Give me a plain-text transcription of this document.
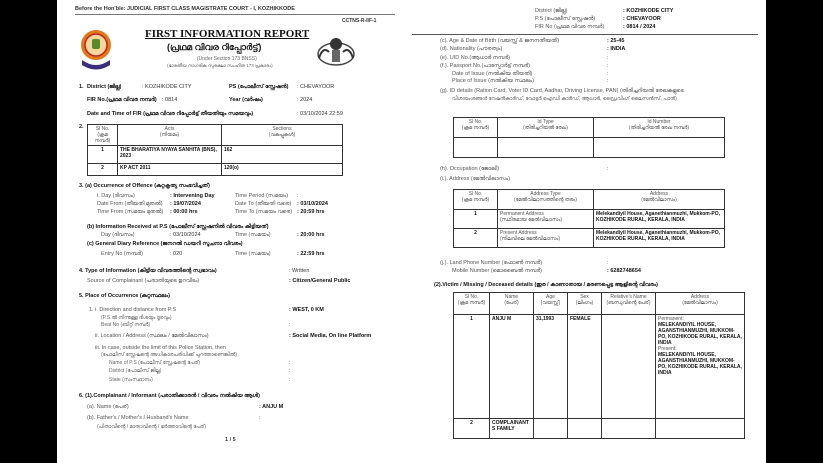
Before the Hon'ble: JUDICIAL FIRST CLASS MAGISTRATE COURT - I, KOZHIKKODE
CCTNS-R-IIF-1
FIRST INFORMATION REPORT
(പ്രഥമ വിവര റിപ്പോർട്ട്)
(Under Section 173 BNSS)
(ഭാരതീയ നാഗരിക സുരക്ഷാ സംഹിത 173 പ്രകാരം)
1. District (ജില്ല)	: KOZHIKODE CITY	PS (പോലീസ് സ്റ്റേഷൻ) : CHEVAYOOR
FIR No.(പ്രഥമ വിവര നമ്പർ) : 0814	Year (വർഷം)	: 2024
Date and Time of FIR (പ്രഥമ വിവര റിപ്പോർട്ട് തീയതിയും സമയവും)	: 03/10/2024 22:59
2. Sl No.
(ക്രമ നമ്പർ)	Acts
(നിയമം)	Sections
(വകുപ്പുകൾ)
1	THE BHARATIYA NYAYA SANHITA (BNS), 2023	162
2	KP ACT 2011	120(o)
3. (a) Occurrence of Offence (കുറ്റകൃത്യ സംഭവിച്ചത്)
i. Day (ദിവസം)	: Intervening Day	Time Period (സമയം) :
Date From (തീയതി മുതൽ) : 19/07/2024	Date To (തീയതി വരെ) : 03/10/2024
Time From (സമയം മുതൽ) : 00:00 hrs	Time To (സമയം വരെ) : 20:59 hrs
(b) Information Received at P.S (പോലീസ് സ്റ്റേഷനിൽ വിവരം കിട്ടിയത്)
Day (ദിവസം)	: 03/10/2024	Time (സമയം)	: 20:00 hrs
(c) General Diary Reference (ജനറൽ ഡയറി സൂചനാ വിവരം)
Entry No (നമ്പർ)	: 020	Time (സമയം)	: 22:59 hrs
4. Type of Information (കിട്ടിയ വിവരത്തിന്റെ സ്വഭാവം)	: Written
Source of Complainant (പരാതിയുടെ ഉറവിടം)	: Citizen/General Public
5. Place of Occurrence (കുറ്റസ്ഥലം)
1. i. Direction and distance from P.S
(P.S.ൽ നിന്നുള്ള ദിശയും ദൂരവും)
: WEST, 0 KM
Beat No (ബീറ്റ് നമ്പർ)	:
ii. Location / Address (സ്ഥലം / മേൽവിലാസം)	: Social Media, On line Platform
iii. In case, outside the limit of this Police Station, then
(പോലീസ് സ്റ്റേഷന്റെ അധികാരപരിധിക്ക് പുറത്താണെങ്കിൽ)
Name of P.S (പോലീസ് സ്റ്റേഷന്റെ പേര്)	:
District (പോലീസ് ജില്ല)	:
State (സംസ്ഥാനം)	:
6. (1).Complainant / Informant (പരാതിക്കാരൻ / വിവരം നൽകിയ ആൾ)
(a). Name (പേര്)	: ANJU M
(b). Father's / Mother's / Husband's Name	:
(പിതാവിന്റെ / മാതാവിന്റെ / ഭർത്താവിന്റെ പേര്)
1 / 5
District (ജില്ല)	: KOZHIKODE CITY
P.S (പോലീസ് സ്റ്റേഷൻ)	: CHEVAYOOR
FIR No (പ്രഥമ വിവര നമ്പർ)	: 0814 / 2024
(c). Age & Date of Birth (വയസ്സ് & ജനനതീയതി)	: 25-45
(d). Nationality (പൗരത്വം)	: INDIA
(e). UID No.(ആധാർ നമ്പർ)	:
(f.). Passport No.(പാസ്പോർട്ട് നമ്പർ)	:
Date of Issue (നൽകിയ തീയതി)	:
Place of Issue (നൽകിയ സ്ഥലം)	:
(g). ID details (Ration Card, Voter ID Card, Aadhar, Driving License, PAN) (തിരിച്ചറിയൽ രേഖകളുടെ
വിശദാംശങ്ങൾ റേഷൻകാർഡ്, വോട്ടർ ഐഡി കാർഡ്, ആധാർ, ഡ്രൈവിംഗ് ലൈസൻസ്, പാൻ)
Sl No.
(ക്രമ നമ്പർ)	Id Type
(തിരിച്ചറിയൽ രേഖ)	Id Number
(തിരിച്ചറിയൽ രേഖ നമ്പർ)

(h). Occupation (ജോലി)	:
(i.). Address (മേൽവിലാസം)
Sl No.
(ക്രമ നമ്പർ)	Address Type
(മേൽവിലാസത്തിന്റെ തരം)	Address
(മേൽവിലാസം)
1	Permanent Address
(സ്ഥിരമായ മേൽവിലാസം)	Melekandiyil House, Aganethianmuzhi, Mukkom-PO, KOZHIKODE RURAL, KERALA, INDIA
2	Present Address
(നിലവിലെ മേൽവിലാസം)	Melekandiyil House, Aganethianmuzhi, Mukkom-PO, KOZHIKODE RURAL, KERALA, INDIA
(j.). Land Phone Number (ഫോൺ നമ്പർ)	:
Mobile Number (മൊബൈൽ നമ്പർ)	: 6282748654
(2).Victim / Missing / Deceased details (ഇര / കാണാതായ / മരണപ്പെട്ട ആളിന്റെ വിവരം)
Sl No.
(ക്രമ നമ്പർ)	Name
(പേര്)	Age
(വയസ്സ്)	Sex
(ലിംഗം)	Relative's Name
(ബന്ധുവിന്റെ പേര്)	Address
(മേൽവിലാസം)
1	ANJU M	31,1993	FEMALE		Permanent:
MELEKANDIYIL HOUSE, AGANSTHIANMUZHI, MUKKOM-PO, KOZHIKODE RURAL, KERALA, INDIA
Present:
MELEKANDIYIL HOUSE, AGANSTHIANMUZHI, MUKKOM-PO, KOZHIKODE RURAL, KERALA, INDIA
2	COMPLAINANTS FAMILY				
